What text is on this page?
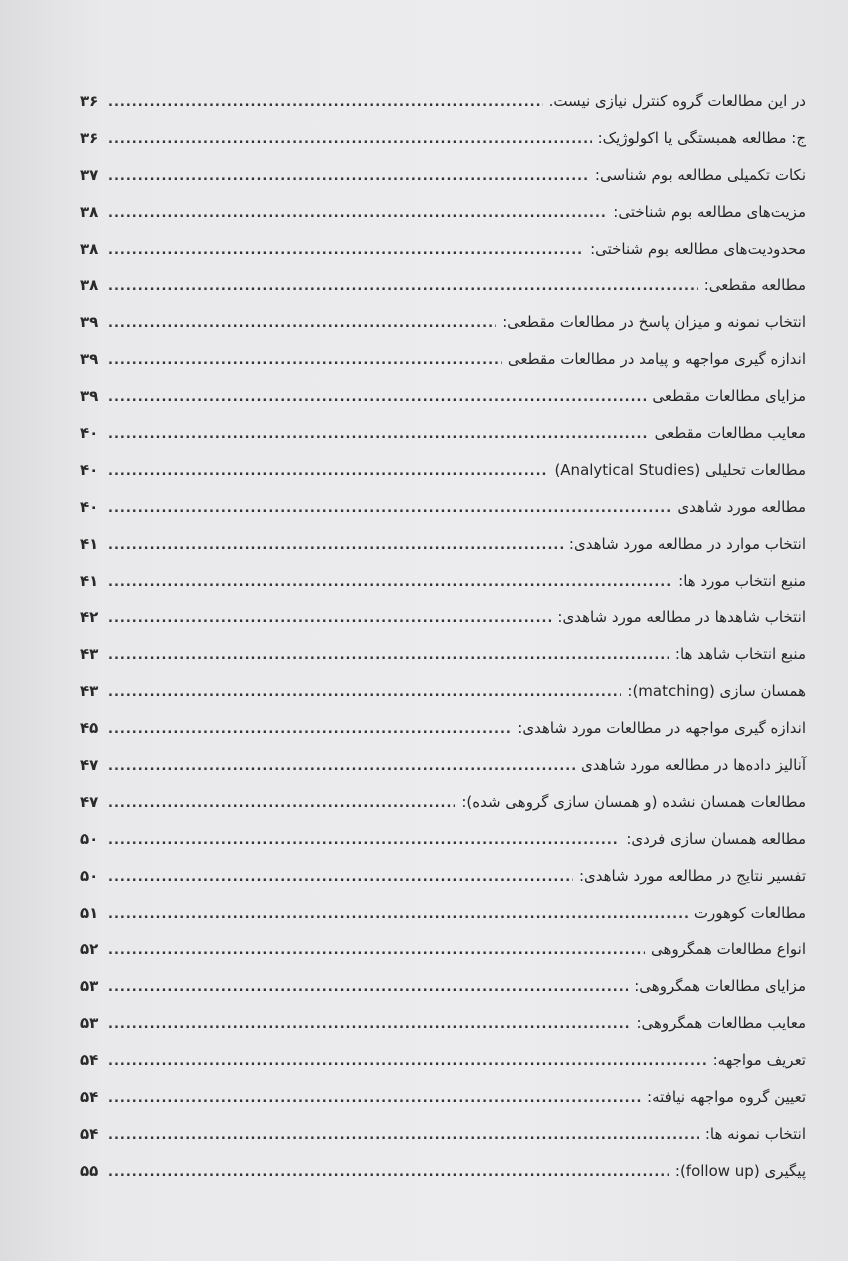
۳۶ .....	در این مطالعات گروه کنترل نیازی نیست.
۳۶ .....	ج: مطالعه همبستگی یا اکولوژیک:
۳۷ .....	نکات تکمیلی مطالعه بوم شناسی:
۳۸ .....	مزیت‌های مطالعه بوم شناختی:
۳۸ .....	محدودیت‌های مطالعه بوم شناختی:
۳۸ .....	مطالعه مقطعی:
۳۹ .....	انتخاب نمونه و میزان پاسخ در مطالعات مقطعی:
۳۹ .....	اندازه گیری مواجهه و پیامد در مطالعات مقطعی
۳۹ .....	مزایای مطالعات مقطعی
۴۰ .....	معایب مطالعات مقطعی
۴۰ .....	مطالعات تحلیلی (Analytical Studies)
۴۰ .....	مطالعه مورد شاهدی
۴۱ .....	انتخاب موارد در مطالعه مورد شاهدی:
۴۱ .....	منبع انتخاب مورد ها:
۴۲ .....	انتخاب شاهدها در مطالعه مورد شاهدی:
۴۳ .....	منبع انتخاب شاهد ها:
۴۳ .....	همسان سازی (matching):
۴۵ .....	اندازه گیری مواجهه در مطالعات مورد شاهدی:
۴۷ .....	آنالیز داده‌ها در مطالعه مورد شاهدی
۴۷ .....	مطالعات همسان نشده (و همسان سازی گروهی شده):
۵۰ .....	مطالعه همسان سازی فردی:
۵۰ .....	تفسیر نتایج در مطالعه مورد شاهدی:
۵۱ .....	مطالعات کوهورت
۵۲ .....	انواع مطالعات همگروهی
۵۳ .....	مزایای مطالعات همگروهی:
۵۳ .....	معایب مطالعات همگروهی:
۵۴ .....	تعریف مواجهه:
۵۴ .....	تعیین گروه مواجهه نیافته:
۵۴ .....	انتخاب نمونه ها:
۵۵ .....	پیگیری (follow up):
